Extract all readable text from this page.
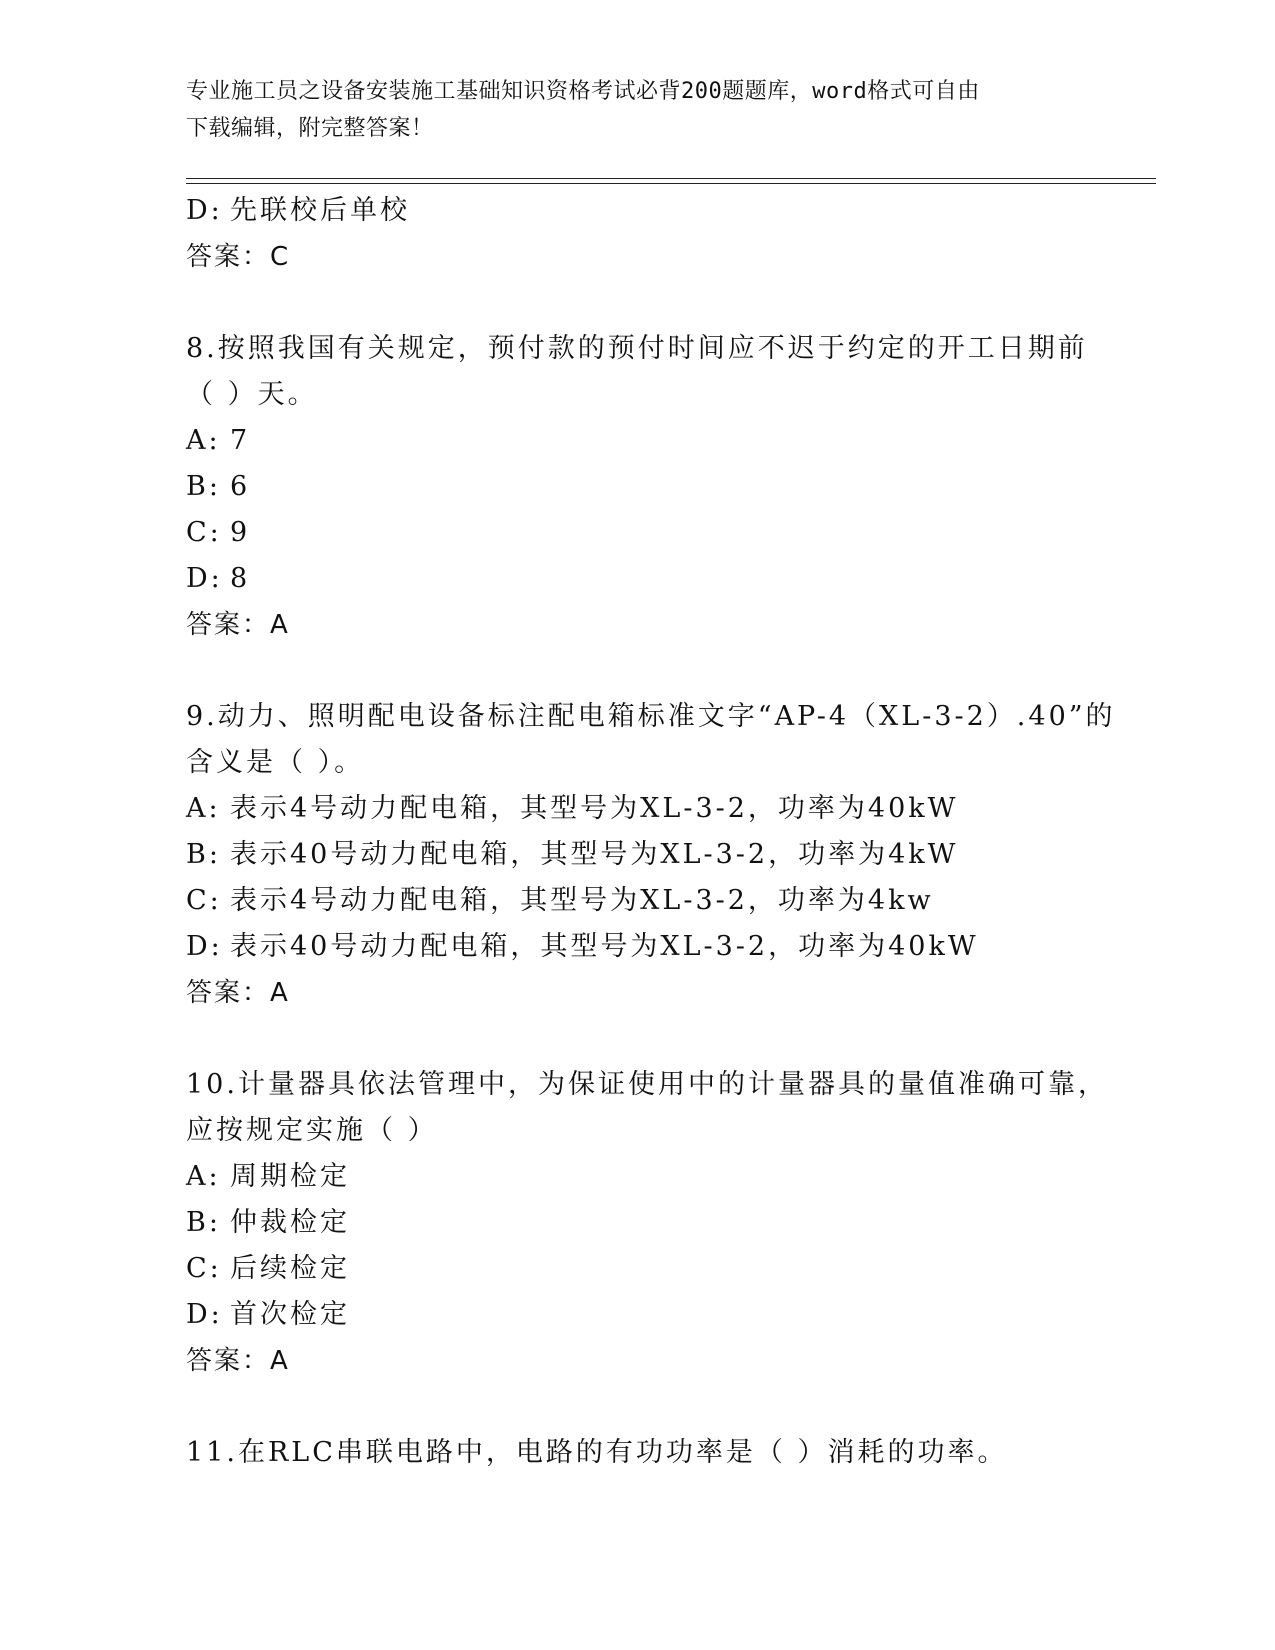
专业施工员之设备安装施工基础知识资格考试必背200题题库，word格式可自由
下载编辑，附完整答案！
D: 先联校后单校
答案：C
8.按照我国有关规定，预付款的预付时间应不迟于约定的开工日期前
（ ）天。
A: 7
B: 6
C: 9
D: 8
答案：A
9.动力、照明配电设备标注配电箱标准文字“AP-4（XL-3-2）.40”的
含义是（ ）。
A: 表示4号动力配电箱，其型号为XL-3-2，功率为40kW
B: 表示40号动力配电箱，其型号为XL-3-2，功率为4kW
C: 表示4号动力配电箱，其型号为XL-3-2，功率为4kw
D: 表示40号动力配电箱，其型号为XL-3-2，功率为40kW
答案：A
10.计量器具依法管理中，为保证使用中的计量器具的量值准确可靠，
应按规定实施（ ）
A: 周期检定
B: 仲裁检定
C: 后续检定
D: 首次检定
答案：A
11.在RLC串联电路中，电路的有功功率是（ ）消耗的功率。
